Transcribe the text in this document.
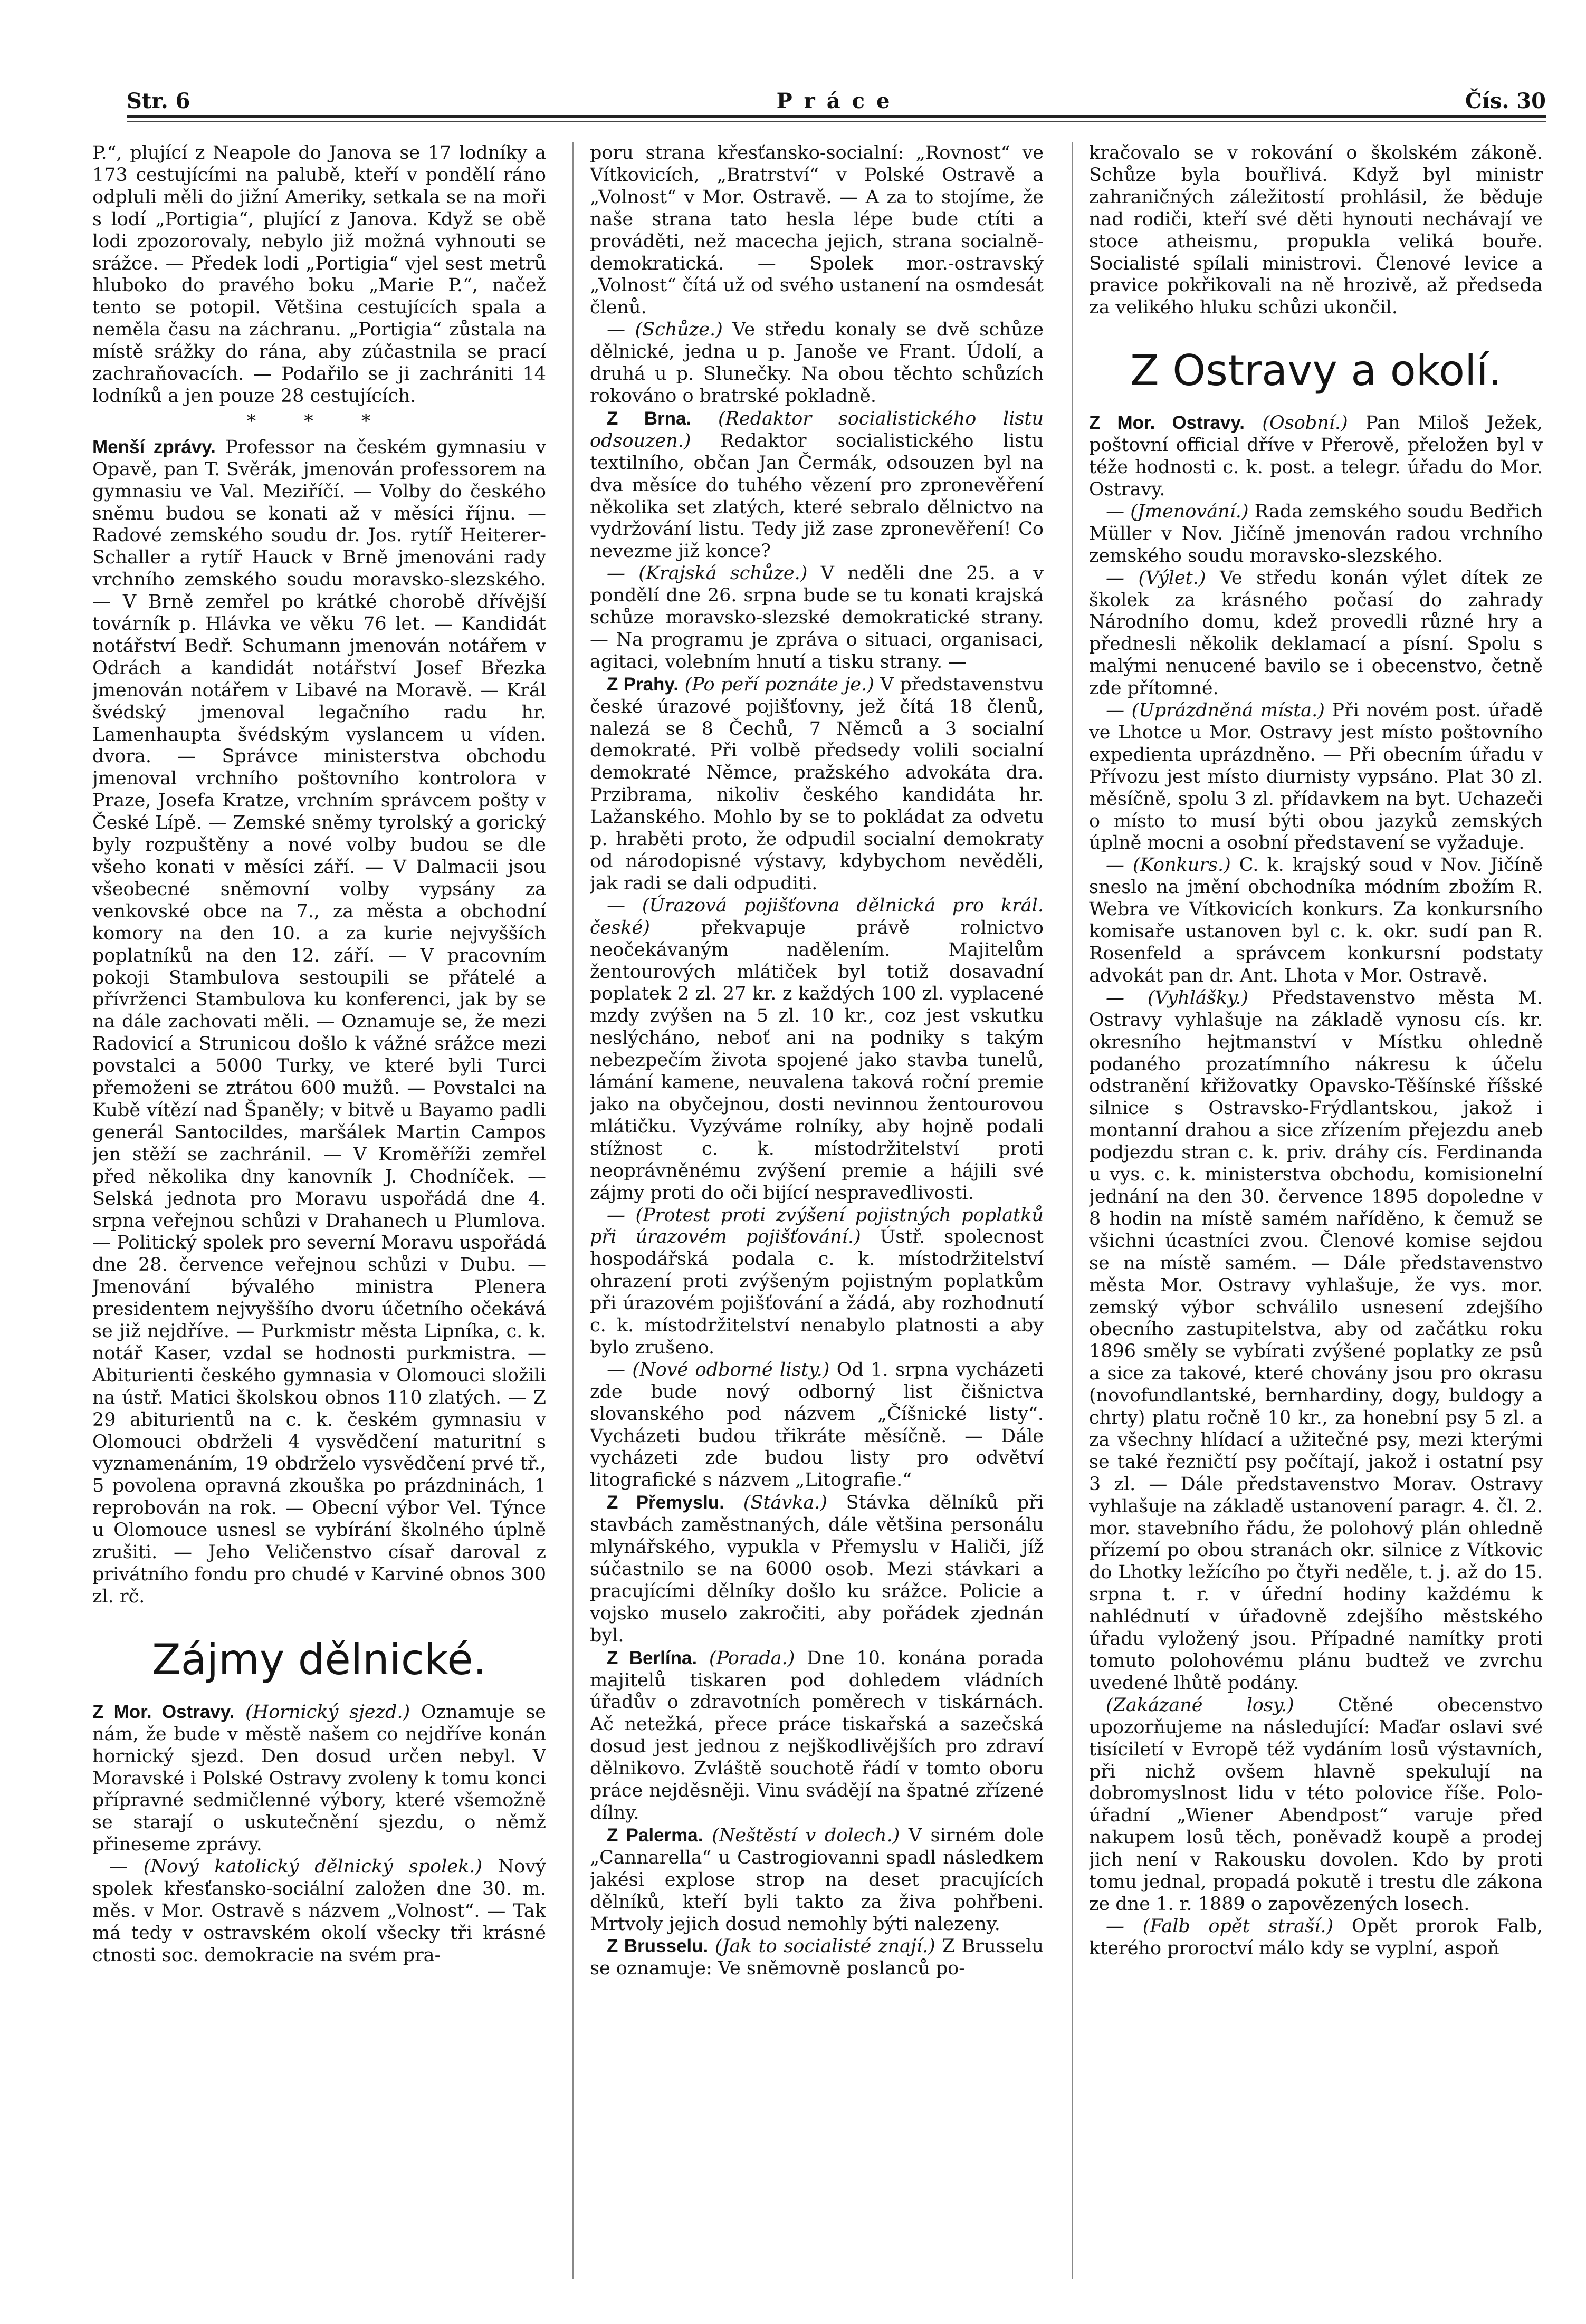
Str. 6	Práce	Čís. 30

P.“, plující z Neapole do Janova se 17 lodníky a 173 cestujícími na palubě, kteří v pondělí ráno odpluli měli do jižní Ameriky, setkala se na moři s lodí „Portigia“, plující z Janova. Když se obě lodi zpozorovaly, nebylo již možná vyhnouti se srážce. — Předek lodi „Portigia“ vjel sest metrů hluboko do pravého boku „Marie P.“, načež tento se potopil. Většina cestujících spala a neměla času na záchranu. „Portigia“ zůstala na místě srážky do rána, aby zúčastnila se prací zachraňovacích. — Podařilo se ji zachrániti 14 lodníků a jen pouze 28 cestujících.

* * *

Menší zprávy. Professor na českém gymnasiu v Opavě, pan T. Svěrák, jmenován professorem na gymnasiu ve Val. Meziříčí. — Volby do českého sněmu budou se konati až v měsíci říjnu. — Radové zemského soudu dr. Jos. rytíř Heiterer-Schaller a rytíř Hauck v Brně jmenováni rady vrchního zemského soudu moravsko-slezského. — V Brně zemřel po krátké chorobě dřívější továrník p. Hlávka ve věku 76 let. — Kandidát notářství Bedř. Schumann jmenován notářem v Odrách a kandidát notářství Josef Březka jmenován notářem v Libavé na Moravě. — Král švédský jmenoval legačního radu hr. Lamenhaupta švédským vyslancem u víden. dvora. — Správce ministerstva obchodu jmenoval vrchního poštovního kontrolora v Praze, Josefa Kratze, vrchním správcem pošty v České Lípě. — Zemské sněmy tyrolský a gorický byly rozpuštěny a nové volby budou se dle všeho konati v měsíci září. — V Dalmacii jsou všeobecné sněmovní volby vypsány za venkovské obce na 7., za města a obchodní komory na den 10. a za kurie nejvyšších poplatníků na den 12. září. — V pracovním pokoji Stambulova sestoupili se přátelé a přívrženci Stambulova ku konferenci, jak by se na dále zachovati měli. — Oznamuje se, že mezi Radovicí a Strunicou došlo k vážné srážce mezi povstalci a 5000 Turky, ve které byli Turci přemoženi se ztrátou 600 mužů. — Povstalci na Kubě vítězí nad Španěly; v bitvě u Bayamo padli generál Santocildes, maršálek Martin Campos jen stěží se zachránil. — V Kroměříži zemřel před několika dny kanovník J. Chodníček. — Selská jednota pro Moravu uspořádá dne 4. srpna veřejnou schůzi v Drahanech u Plumlova. — Politický spolek pro severní Moravu uspořádá dne 28. července veřejnou schůzi v Dubu. — Jmenování bývalého ministra Plenera presidentem nejvyššího dvoru účetního očekává se již nejdříve. — Purkmistr města Lipníka, c. k. notář Kaser, vzdal se hodnosti purkmistra. — Abiturienti českého gymnasia v Olomouci složili na ústř. Matici školskou obnos 110 zlatých. — Z 29 abiturientů na c. k. českém gymnasiu v Olomouci obdrželi 4 vysvědčení maturitní s vyznamenáním, 19 obdrželo vysvědčení prvé tř., 5 povolena opravná zkouška po prázdninách, 1 reprobován na rok. — Obecní výbor Vel. Týnce u Olomouce usnesl se vybírání školného úplně zrušiti. — Jeho Veličenstvo císař daroval z privátního fondu pro chudé v Karviné obnos 300 zl. rč.

Zájmy dělnické.

Z Mor. Ostravy. (Hornický sjezd.) Oznamuje se nám, že bude v městě našem co nejdříve konán hornický sjezd. Den dosud určen nebyl. V Moravské i Polské Ostravy zvoleny k tomu konci přípravné sedmičlenné výbory, které všemožně se starají o uskutečnění sjezdu, o němž přineseme zprávy.

— (Nový katolický dělnický spolek.) Nový spolek křesťansko-sociální založen dne 30. m. měs. v Mor. Ostravě s názvem „Volnost“. — Tak má tedy v ostravském okolí všecky tři krásné ctnosti soc. demokracie na svém pra-

poru strana křesťansko-socialní: „Rovnost“ ve Vítkovicích, „Bratrství“ v Polské Ostravě a „Volnost“ v Mor. Ostravě. — A za to stojíme, že naše strana tato hesla lépe bude ctíti a prováděti, než macecha jejich, strana socialně-demokratická. — Spolek mor.-ostravský „Volnost“ čítá už od svého ustanení na osmdesát členů.

— (Schůze.) Ve středu konaly se dvě schůze dělnické, jedna u p. Janoše ve Frant. Údolí, a druhá u p. Slunečky. Na obou těchto schůzích rokováno o bratrské pokladně.

Z Brna. (Redaktor socialistického listu odsouzen.) Redaktor socialistického listu textilního, občan Jan Čermák, odsouzen byl na dva měsíce do tuhého vězení pro zpronevěření několika set zlatých, které sebralo dělnictvo na vydržování listu. Tedy již zase zpronevěření! Co nevezme již konce?

— (Krajská schůze.) V neděli dne 25. a v pondělí dne 26. srpna bude se tu konati krajská schůze moravsko-slezské demokratické strany. — Na programu je zpráva o situaci, organisaci, agitaci, volebním hnutí a tisku strany. —

Z Prahy. (Po peří poznáte je.) V představenstvu české úrazové pojišťovny, jež čítá 18 členů, nalezá se 8 Čechů, 7 Němců a 3 socialní demokraté. Při volbě předsedy volili socialní demokraté Němce, pražského advokáta dra. Przibrama, nikoliv českého kandidáta hr. Lažanského. Mohlo by se to pokládat za odvetu p. hraběti proto, že odpudil socialní demokraty od národopisné výstavy, kdybychom nevěděli, jak radi se dali odpuditi.

— (Úrazová pojišťovna dělnická pro král. české) překvapuje právě rolnictvo neočekávaným nadělením. Majitelům žentourových mlátiček byl totiž dosavadní poplatek 2 zl. 27 kr. z každých 100 zl. vyplacené mzdy zvýšen na 5 zl. 10 kr., coz jest vskutku neslýcháno, neboť ani na podniky s takým nebezpečím života spojené jako stavba tunelů, lámání kamene, neuvalena taková roční premie jako na obyčejnou, dosti nevinnou žentourovou mlátičku. Vyzýváme rolníky, aby hojně podali stížnost c. k. místodržitelství proti neoprávněnému zvýšení premie a hájili své zájmy proti do oči bijící nespravedlivosti.

— (Protest proti zvýšení pojistných poplatků při úrazovém pojišťování.) Ústř. spolecnost hospodářská podala c. k. místodržitelství ohrazení proti zvýšeným pojistným poplatkům při úrazovém pojišťování a žádá, aby rozhodnutí c. k. místodržitelství nenabylo platnosti a aby bylo zrušeno.

— (Nové odborné listy.) Od 1. srpna vycházeti zde bude nový odborný list čišnictva slovanského pod názvem „Číšnické listy“. Vycházeti budou třikráte měsíčně. — Dále vycházeti zde budou listy pro odvětví litografické s názvem „Litografie.“

Z Přemyslu. (Stávka.) Stávka dělníků při stavbách zaměstnaných, dále většina personálu mlynářského, vypukla v Přemyslu v Haliči, jíž súčastnilo se na 6000 osob. Mezi stávkari a pracujícími dělníky došlo ku srážce. Policie a vojsko muselo zakročiti, aby pořádek zjednán byl.

Z Berlína. (Porada.) Dne 10. konána porada majitelů tiskaren pod dohledem vládních úřadův o zdravotních poměrech v tiskárnách. Ač netežká, přece práce tiskařská a sazečská dosud jest jednou z nejškodlivějších pro zdraví dělnikovo. Zvláště souchotě řádí v tomto oboru práce nejděsněji. Vinu svádějí na špatné zřízené dílny.

Z Palerma. (Neštěstí v dolech.) V sirném dole „Cannarella“ u Castrogiovanni spadl následkem jakési explose strop na deset pracujících dělníků, kteří byli takto za živa pohřbeni. Mrtvoly jejich dosud nemohly býti nalezeny.

Z Brusselu. (Jak to socialisté znají.) Z Brusselu se oznamuje: Ve sněmovně poslanců po-

kračovalo se v rokování o školském zákoně. Schůze byla bouřlivá. Když byl ministr zahraničných záležitostí prohlásil, že běduje nad rodiči, kteří své děti hynouti nechávají ve stoce atheismu, propukla veliká bouře. Socialisté spílali ministrovi. Členové levice a pravice pokřikovali na ně hrozivě, až předseda za velikého hluku schůzi ukončil.

Z Ostravy a okolí.

Z Mor. Ostravy. (Osobní.) Pan Miloš Ježek, poštovní official dříve v Přerově, přeložen byl v téže hodnosti c. k. post. a telegr. úřadu do Mor. Ostravy.

— (Jmenování.) Rada zemského soudu Bedřich Müller v Nov. Jičíně jmenován radou vrchního zemského soudu moravsko-slezského.

— (Výlet.) Ve středu konán výlet dítek ze školek za krásného počasí do zahrady Národního domu, kdež provedli různé hry a přednesli několik deklamací a písní. Spolu s malými nenucené bavilo se i obecenstvo, četně zde přítomné.

— (Uprázdněná místa.) Při novém post. úřadě ve Lhotce u Mor. Ostravy jest místo poštovního expedienta uprázdněno. — Při obecním úřadu v Přívozu jest místo diurnisty vypsáno. Plat 30 zl. měsíčně, spolu 3 zl. přídavkem na byt. Uchazeči o místo to musí býti obou jazyků zemských úplně mocni a osobní představení se vyžaduje.

— (Konkurs.) C. k. krajský soud v Nov. Jičíně sneslo na jmění obchodníka módním zbožím R. Webra ve Vítkovicích konkurs. Za konkursního komisaře ustanoven byl c. k. okr. sudí pan R. Rosenfeld a správcem konkursní podstaty advokát pan dr. Ant. Lhota v Mor. Ostravě.

— (Vyhlášky.) Představenstvo města M. Ostravy vyhlašuje na základě vynosu cís. kr. okresního hejtmanství v Místku ohledně podaného prozatímního nákresu k účelu odstranění křižovatky Opavsko-Těšínské říšské silnice s Ostravsko-Frýdlantskou, jakož i montanní drahou a sice zřízením přejezdu aneb podjezdu stran c. k. priv. dráhy cís. Ferdinanda u vys. c. k. ministerstva obchodu, komisionelní jednání na den 30. července 1895 dopoledne v 8 hodin na místě samém naříděno, k čemuž se všichni úcastníci zvou. Členové komise sejdou se na místě samém. — Dále představenstvo města Mor. Ostravy vyhlašuje, že vys. mor. zemský výbor schválilo usnesení zdejšího obecního zastupitelstva, aby od začátku roku 1896 směly se vybírati zvýšené poplatky ze psů a sice za takové, které chovány jsou pro okrasu (novofundlantské, bernhardiny, dogy, buldogy a chrty) platu ročně 10 kr., za honební psy 5 zl. a za všechny hlídací a užitečné psy, mezi kterými se také řezničtí psy počítají, jakož i ostatní psy 3 zl. — Dále představenstvo Morav. Ostravy vyhlašuje na základě ustanovení paragr. 4. čl. 2. mor. stavebního řádu, že polohový plán ohledně přízemí po obou stranách okr. silnice z Vítkovic do Lhotky ležícího po čtyři neděle, t. j. až do 15. srpna t. r. v úřední hodiny každému k nahlédnutí v úřadovně zdejšího městského úřadu vyložený jsou. Případné namítky proti tomuto polohovému plánu budtež ve zvrchu uvedené lhůtě podány.

(Zakázané losy.) Ctěné obecenstvo upozorňujeme na následující: Maďar oslavi své tisíciletí v Evropě též vydáním losů výstavních, při nichž ovšem hlavně spekulují na dobromyslnost lidu v této polovice říše. Polo-úřadní „Wiener Abendpost“ varuje před nakupem losů těch, poněvadž koupě a prodej jich není v Rakousku dovolen. Kdo by proti tomu jednal, propadá pokutě i trestu dle zákona ze dne 1. r. 1889 o zapovězených losech.

— (Falb opět straší.) Opět prorok Falb, kterého proroctví málo kdy se vyplní, aspoň
